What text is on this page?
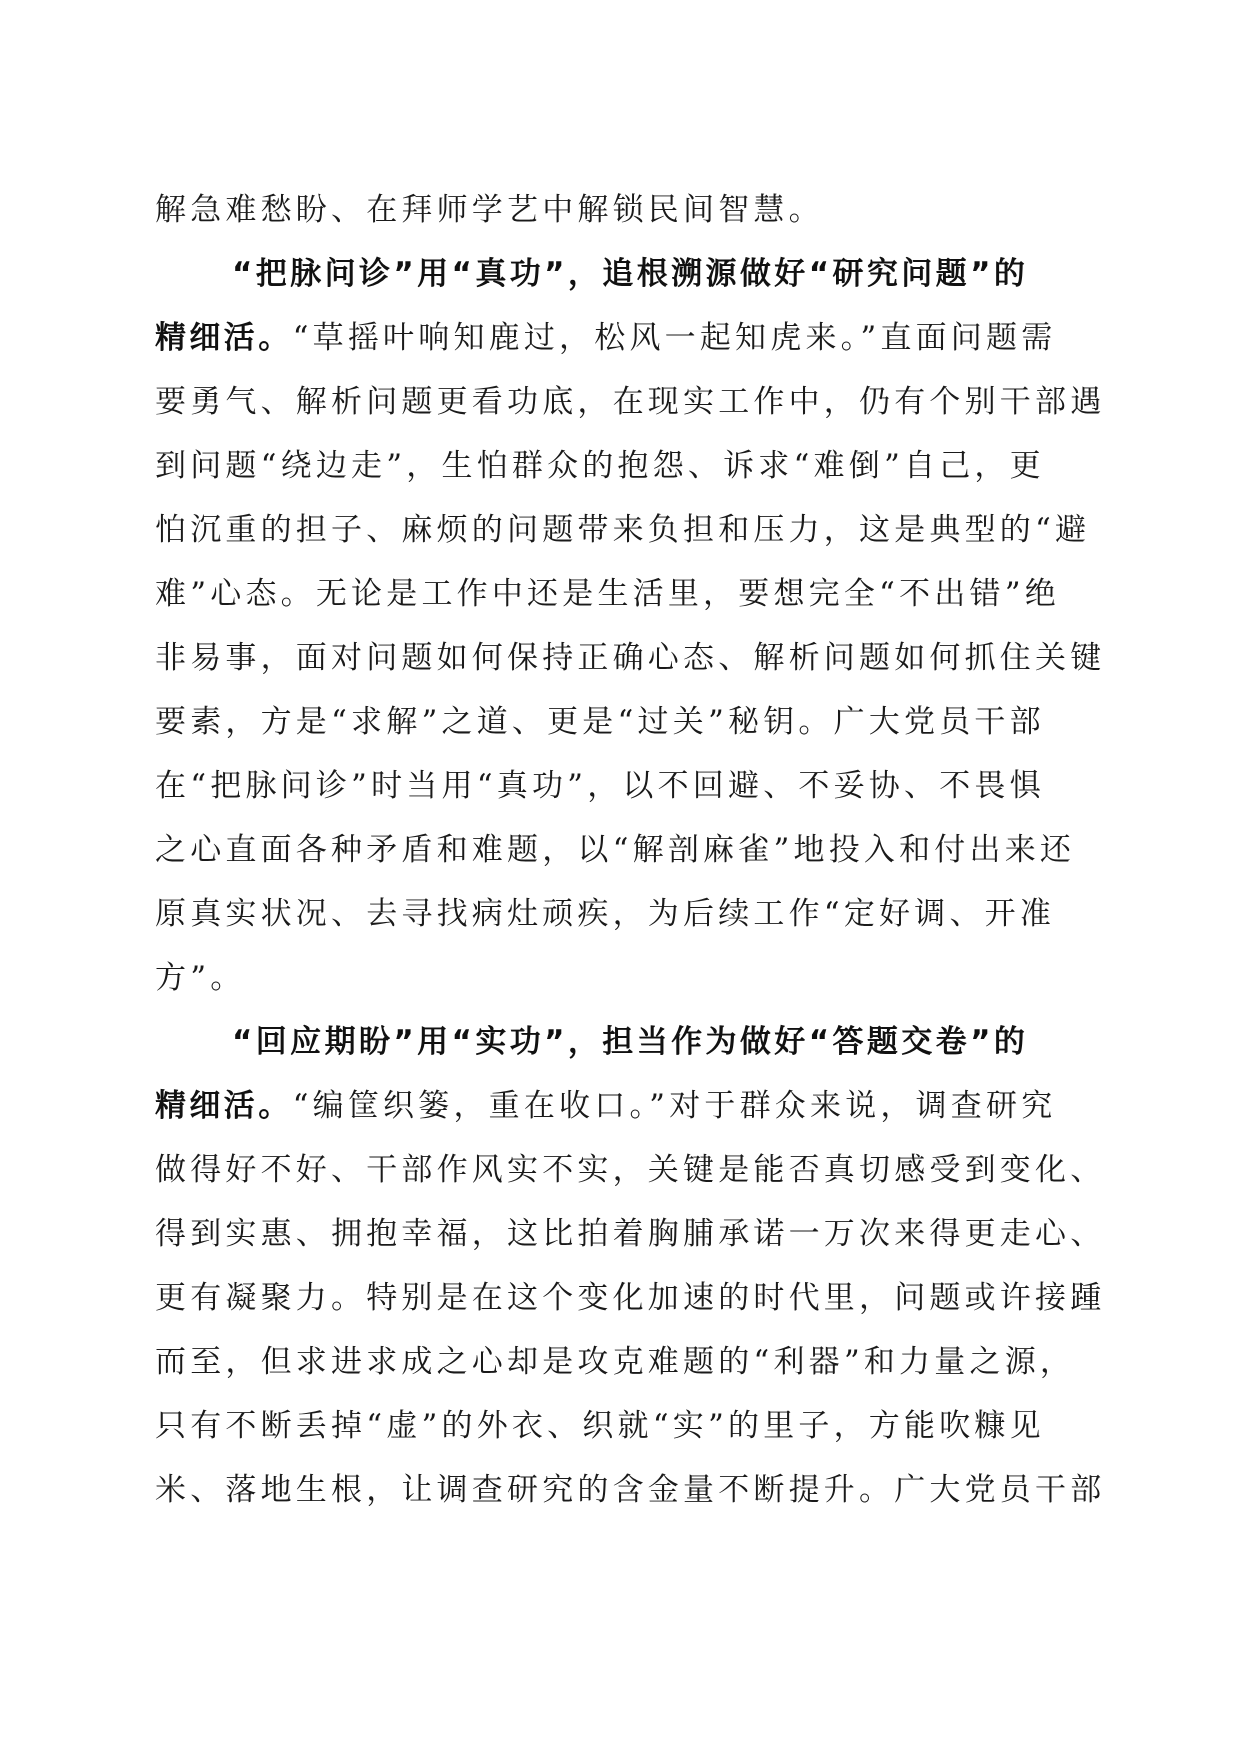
解急难愁盼、在拜师学艺中解锁民间智慧。
“把脉问诊”用“真功”，追根溯源做好“研究问题”的
精细活。“草摇叶响知鹿过，松风一起知虎来。”直面问题需
要勇气、解析问题更看功底，在现实工作中，仍有个别干部遇
到问题“绕边走”，生怕群众的抱怨、诉求“难倒”自己，更
怕沉重的担子、麻烦的问题带来负担和压力，这是典型的“避
难”心态。无论是工作中还是生活里，要想完全“不出错”绝
非易事，面对问题如何保持正确心态、解析问题如何抓住关键
要素，方是“求解”之道、更是“过关”秘钥。广大党员干部
在“把脉问诊”时当用“真功”，以不回避、不妥协、不畏惧
之心直面各种矛盾和难题，以“解剖麻雀”地投入和付出来还
原真实状况、去寻找病灶顽疾，为后续工作“定好调、开准
方”。
“回应期盼”用“实功”，担当作为做好“答题交卷”的
精细活。“编筐织篓，重在收口。”对于群众来说，调查研究
做得好不好、干部作风实不实，关键是能否真切感受到变化、
得到实惠、拥抱幸福，这比拍着胸脯承诺一万次来得更走心、
更有凝聚力。特别是在这个变化加速的时代里，问题或许接踵
而至，但求进求成之心却是攻克难题的“利器”和力量之源，
只有不断丢掉“虚”的外衣、织就“实”的里子，方能吹糠见
米、落地生根，让调查研究的含金量不断提升。广大党员干部
